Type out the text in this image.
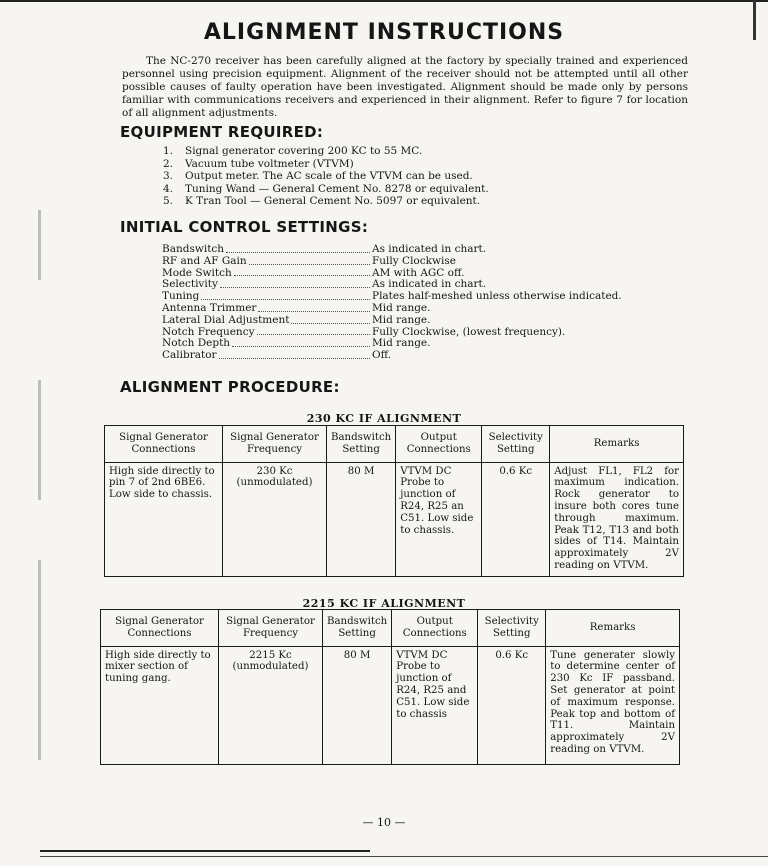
ALIGNMENT INSTRUCTIONS

The NC-270 receiver has been carefully aligned at the factory by specially trained and experienced personnel using precision equipment. Alignment of the receiver should not be attempted until all other possible causes of faulty operation have been investigated. Alignment should be made only by persons familiar with communications receivers and experienced in their alignment. Refer to figure 7 for location of all alignment adjustments.

EQUIPMENT REQUIRED:
1. Signal generator covering 200 KC to 55 MC.
2. Vacuum tube voltmeter (VTVM)
3. Output meter. The AC scale of the VTVM can be used.
4. Tuning Wand — General Cement No. 8278 or equivalent.
5. K Tran Tool — General Cement No. 5097 or equivalent.
INITIAL CONTROL SETTINGS:
Bandswitch	As indicated in chart.
RF and AF Gain	Fully Clockwise
Mode Switch	AM with AGC off.
Selectivity	As indicated in chart.
Tuning	Plates half-meshed unless otherwise indicated.
Antenna Trimmer	Mid range.
Lateral Dial Adjustment	Mid range.
Notch Frequency	Fully Clockwise, (lowest frequency).
Notch Depth	Mid range.
Calibrator	Off.
ALIGNMENT PROCEDURE:
230 KC IF ALIGNMENT
Signal Generator Connections	Signal Generator Frequency	Bandswitch Setting	Output Connections	Selectivity Setting	Remarks
High side directly to pin 7 of 2nd 6BE6. Low side to chassis.	230 Kc (unmodulated)	80 M	VTVM DC Probe to junction of R24, R25 an C51. Low side to chassis.	0.6 Kc	Adjust FL1, FL2 for maximum indication. Rock generator to insure both cores tune through maximum. Peak T12, T13 and both sides of T14. Maintain approximately 2V reading on VTVM.
2215 KC IF ALIGNMENT
Signal Generator Connections	Signal Generator Frequency	Bandswitch Setting	Output Connections	Selectivity Setting	Remarks
High side directly to mixer section of tuning gang.	2215 Kc (unmodulated)	80 M	VTVM DC Probe to junction of R24, R25 and C51. Low side to chassis	0.6 Kc	Tune generater slowly to determine center of 230 Kc IF passband. Set generator at point of maximum response. Peak top and bottom of T11. Maintain approximately 2V reading on VTVM.
— 10 —
